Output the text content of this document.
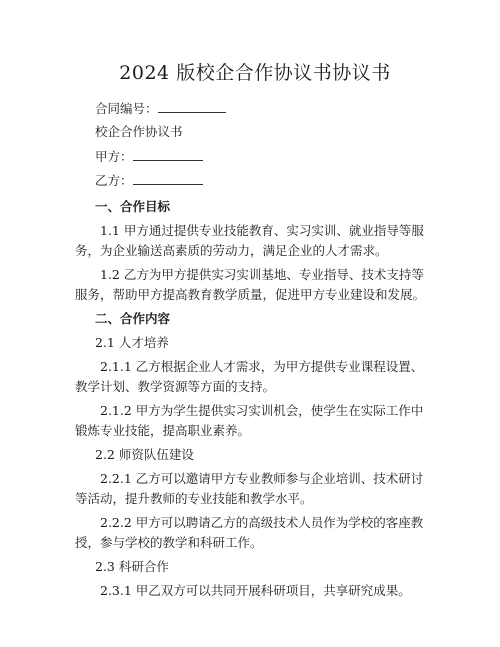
2024 版校企合作协议书协议书

合同编号：

校企合作协议书

甲方：

乙方：

一、合作目标

1.1 甲方通过提供专业技能教育、实习实训、就业指导等服务，为企业输送高素质的劳动力，满足企业的人才需求。

1.2 乙方为甲方提供实习实训基地、专业指导、技术支持等服务，帮助甲方提高教育教学质量，促进甲方专业建设和发展。

二、合作内容

2.1 人才培养

2.1.1 乙方根据企业人才需求，为甲方提供专业课程设置、教学计划、教学资源等方面的支持。

2.1.2 甲方为学生提供实习实训机会，使学生在实际工作中锻炼专业技能，提高职业素养。

2.2 师资队伍建设

2.2.1 乙方可以邀请甲方专业教师参与企业培训、技术研讨等活动，提升教师的专业技能和教学水平。

2.2.2 甲方可以聘请乙方的高级技术人员作为学校的客座教授，参与学校的教学和科研工作。

2.3 科研合作

2.3.1 甲乙双方可以共同开展科研项目，共享研究成果。
